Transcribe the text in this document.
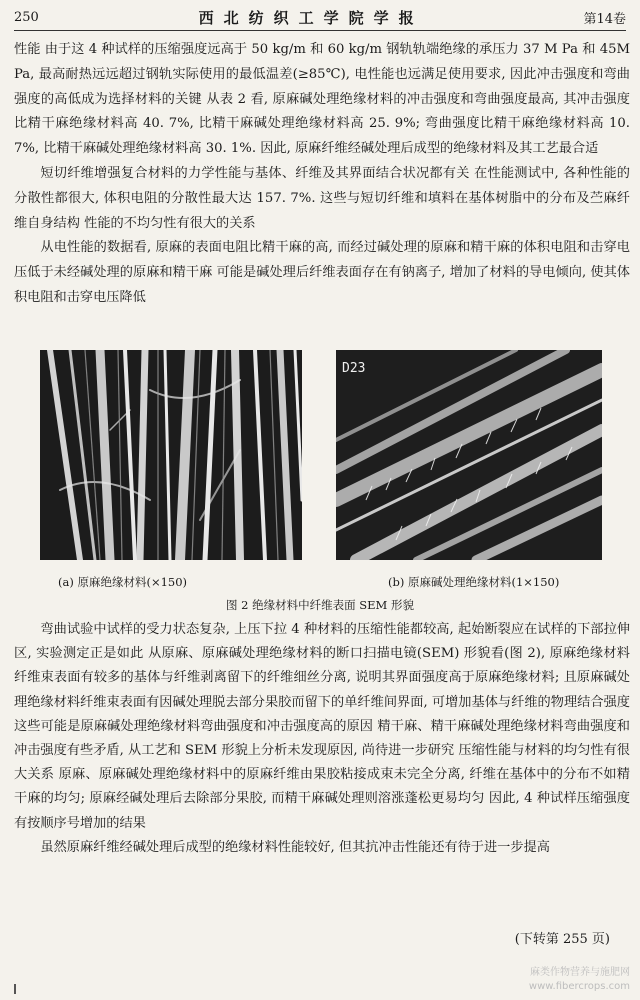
250	西北纺织工学院学报	第14卷

性能 由于这 4 种试样的压缩强度远高于 50 kg/m 和 60 kg/m 钢轨轨端绝缘的承压力 37 M Pa 和 45M Pa, 最高耐热远远超过钢轨实际使用的最低温差(≥85℃), 电性能也远满足使用要求, 因此冲击强度和弯曲强度的高低成为选择材料的关键 从表 2 看, 原麻碱处理绝缘材料的冲击强度和弯曲强度最高, 其冲击强度比精干麻绝缘材料高 40. 7%, 比精干麻碱处理绝缘材料高 25. 9%; 弯曲强度比精干麻绝缘材料高 10. 7%, 比精干麻碱处理绝缘材料高 30. 1%. 因此, 原麻纤维经碱处理后成型的绝缘材料及其工艺最合适

短切纤维增强复合材料的力学性能与基体、纤维及其界面结合状况都有关 在性能测试中, 各种性能的分散性都很大, 体积电阻的分散性最大达 157. 7%. 这些与短切纤维和填料在基体树脂中的分布及苎麻纤维自身结构 性能的不均匀性有很大的关系

从电性能的数据看, 原麻的表面电阻比精干麻的高, 而经过碱处理的原麻和精干麻的体积电阻和击穿电压低于未经碱处理的原麻和精干麻 可能是碱处理后纤维表面存在有钠离子, 增加了材料的导电倾向, 使其体积电阻和击穿电压降低

D23
(a) 原麻绝缘材料(×150)	(b) 原麻碱处理绝缘材料(1×150)
图 2 绝缘材料中纤维表面 SEM 形貌

弯曲试验中试样的受力状态复杂, 上压下拉 4 种材料的压缩性能都较高, 起始断裂应在试样的下部拉伸区, 实验测定正是如此 从原麻、原麻碱处理绝缘材料的断口扫描电镜(SEM) 形貌看(图 2), 原麻绝缘材料纤维束表面有较多的基体与纤维剥离留下的纤维细丝分离, 说明其界面强度高于原麻绝缘材料; 且原麻碱处理绝缘材料纤维束表面有因碱处理脱去部分果胶而留下的单纤维间界面, 可增加基体与纤维的物理结合强度 这些可能是原麻碱处理绝缘材料弯曲强度和冲击强度高的原因 精干麻、精干麻碱处理绝缘材料弯曲强度和冲击强度有些矛盾, 从工艺和 SEM 形貌上分析未发现原因, 尚待进一步研究 压缩性能与材料的均匀性有很大关系 原麻、原麻碱处理绝缘材料中的原麻纤维由果胶粘接成束未完全分离, 纤维在基体中的分布不如精干麻的均匀; 原麻经碱处理后去除部分果胶, 而精干麻碱处理则溶涨蓬松更易均匀 因此, 4 种试样压缩强度有按顺序号增加的结果

虽然原麻纤维经碱处理后成型的绝缘材料性能较好, 但其抗冲击性能还有待于进一步提高

(下转第 255 页)
麻类作物营养与施肥网
www.fibercrops.com
